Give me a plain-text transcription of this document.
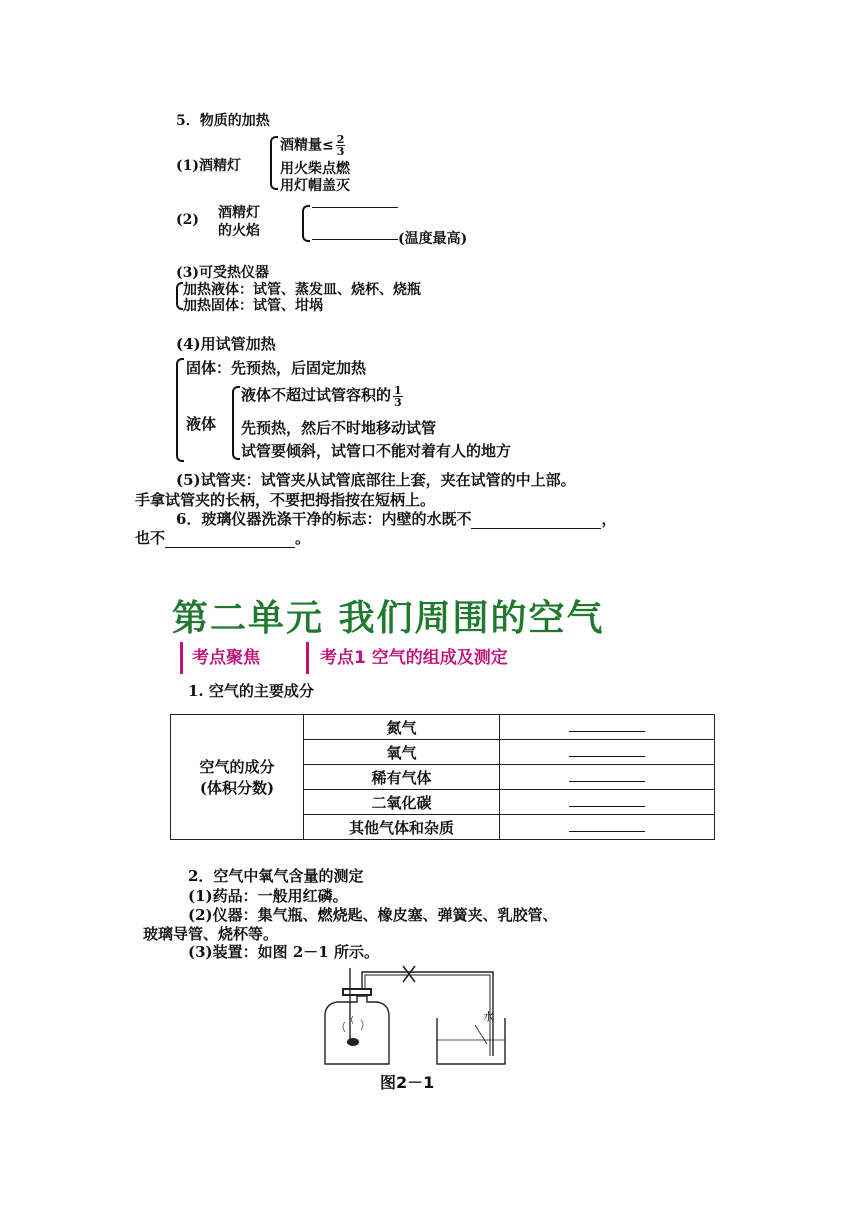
5．物质的加热
(1)酒精灯
酒精量≤ $\frac{2}{3}$
用火柴点燃
用灯帽盖灭
(2) 酒精灯
的火焰	(温度最高)
(3)可受热仪器
加热液体：试管、蒸发皿、烧杯、烧瓶
加热固体：试管、坩埚
(4)用试管加热
固体：先预热，后固定加热
液体
液体不超过试管容积的 $\frac{1}{3}$
先预热，然后不时地移动试管
试管要倾斜，试管口不能对着有人的地方
(5)试管夹：试管夹从试管底部往上套，夹在试管的中上部。
手拿试管夹的长柄，不要把拇指按在短柄上。
6．玻璃仪器洗涤干净的标志：内壁的水既不	，
也不	。
第二单元 我们周围的空气
考点聚焦	考点1 空气的组成及测定
1. 空气的主要成分
空气的成分
(体积分数)	氮气	
	氧气	
	稀有气体	
	二氧化碳	
	其他气体和杂质	
2．空气中氧气含量的测定
(1)药品：一般用红磷。
(2)仪器：集气瓶、燃烧匙、橡皮塞、弹簧夹、乳胶管、
玻璃导管、烧杯等。
(3)装置：如图 2－1 所示。
水
图2－1
